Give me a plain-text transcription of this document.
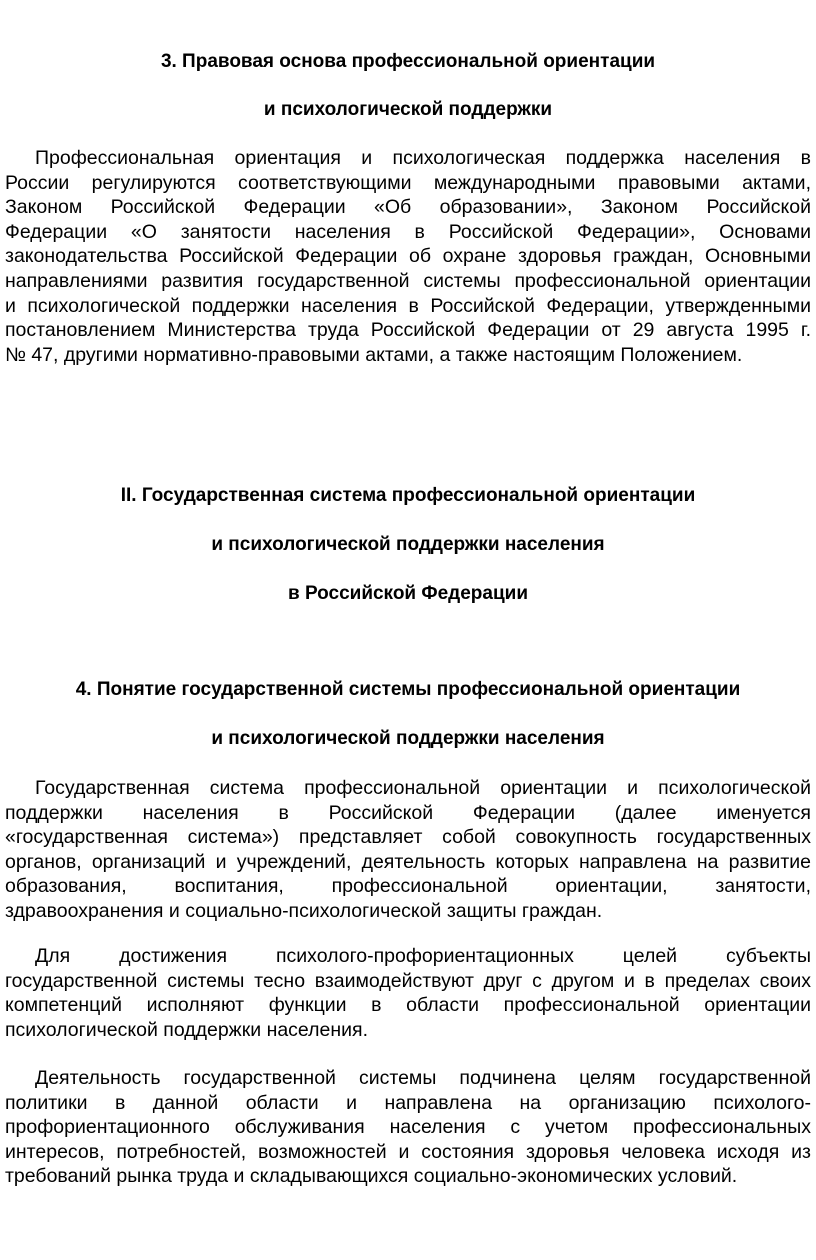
3. Правовая основа профессиональной ориентации
и психологической поддержки
Профессиональная ориентация и психологическая поддержка населения в
России регулируются соответствующими международными правовыми актами,
Законом Российской Федерации «Об образовании», Законом Российской
Федерации «О занятости населения в Российской Федерации», Основами
законодательства Российской Федерации об охране здоровья граждан, Основными
направлениями развития государственной системы профессиональной ориентации
и психологической поддержки населения в Российской Федерации, утвержденными
постановлением Министерства труда Российской Федерации от 29 августа 1995 г.
№ 47, другими нормативно-правовыми актами, а также настоящим Положением.
II. Государственная система профессиональной ориентации
и психологической поддержки населения
в Российской Федерации
4. Понятие государственной системы профессиональной ориентации
и психологической поддержки населения
Государственная система профессиональной ориентации и психологической
поддержки населения в Российской Федерации (далее именуется
«государственная система») представляет собой совокупность государственных
органов, организаций и учреждений, деятельность которых направлена на развитие
образования, воспитания, профессиональной ориентации, занятости,
здравоохранения и социально-психологической защиты граждан.
Для достижения психолого-профориентационных целей субъекты
государственной системы тесно взаимодействуют друг с другом и в пределах своих
компетенций исполняют функции в области профессиональной ориентации
психологической поддержки населения.
Деятельность государственной системы подчинена целям государственной
политики в данной области и направлена на организацию психолого-
профориентационного обслуживания населения с учетом профессиональных
интересов, потребностей, возможностей и состояния здоровья человека исходя из
требований рынка труда и складывающихся социально-экономических условий.
